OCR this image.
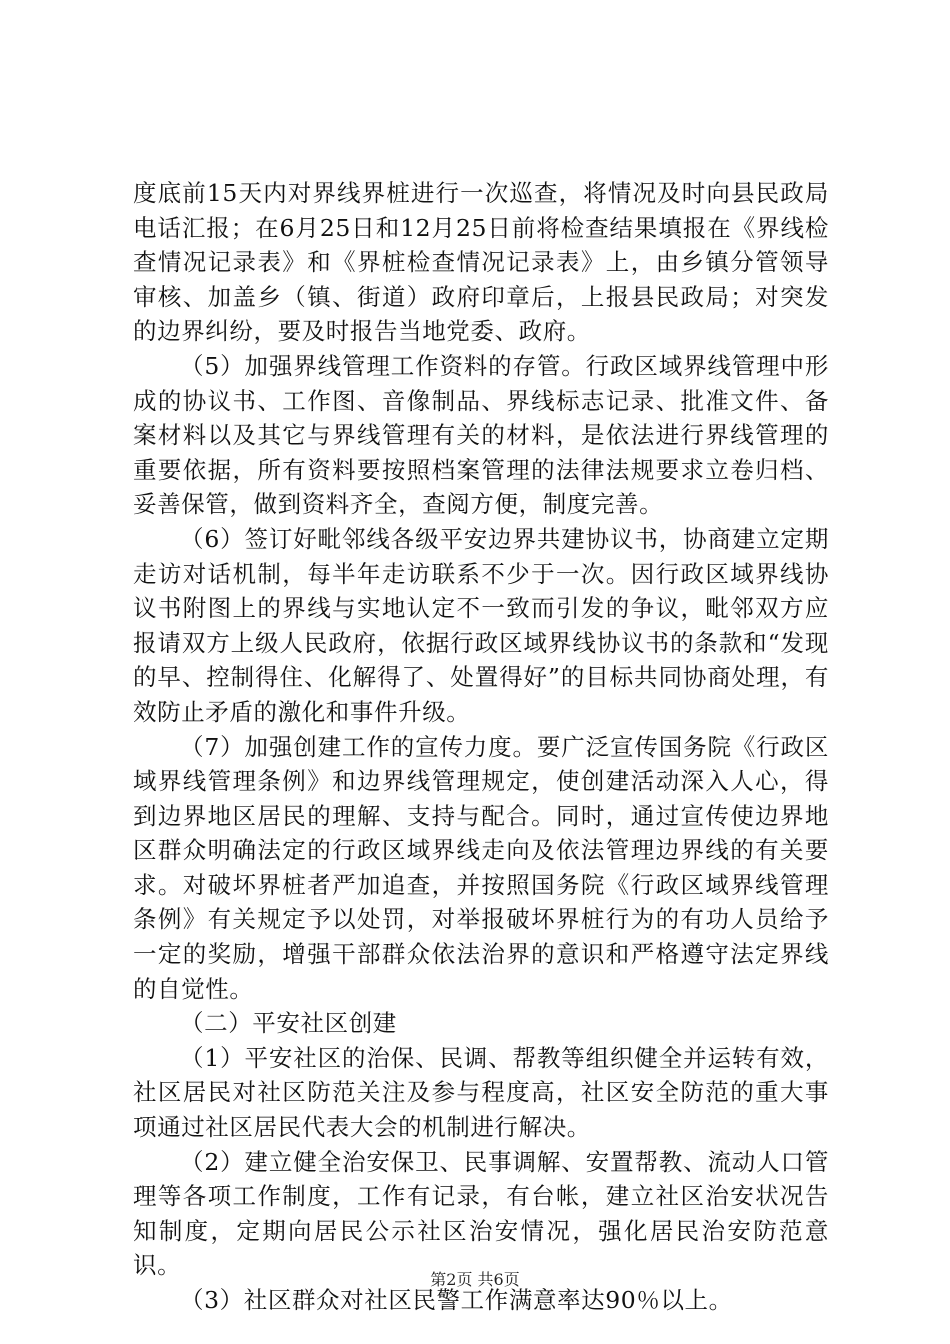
度底前15天内对界线界桩进行一次巡查，将情况及时向县民政局电话汇报；在6月25日和12月25日前将检查结果填报在《界线检查情况记录表》和《界桩检查情况记录表》上，由乡镇分管领导审核、加盖乡（镇、街道）政府印章后，上报县民政局；对突发的边界纠纷，要及时报告当地党委、政府。

（5）加强界线管理工作资料的存管。行政区域界线管理中形成的协议书、工作图、音像制品、界线标志记录、批准文件、备案材料以及其它与界线管理有关的材料，是依法进行界线管理的重要依据，所有资料要按照档案管理的法律法规要求立卷归档、妥善保管，做到资料齐全，查阅方便，制度完善。

（6）签订好毗邻线各级平安边界共建协议书，协商建立定期走访对话机制，每半年走访联系不少于一次。因行政区域界线协议书附图上的界线与实地认定不一致而引发的争议，毗邻双方应报请双方上级人民政府，依据行政区域界线协议书的条款和“发现的早、控制得住、化解得了、处置得好”的目标共同协商处理，有效防止矛盾的激化和事件升级。

（7）加强创建工作的宣传力度。要广泛宣传国务院《行政区域界线管理条例》和边界线管理规定，使创建活动深入人心，得到边界地区居民的理解、支持与配合。同时，通过宣传使边界地区群众明确法定的行政区域界线走向及依法管理边界线的有关要求。对破坏界桩者严加追查，并按照国务院《行政区域界线管理条例》有关规定予以处罚，对举报破坏界桩行为的有功人员给予一定的奖励，增强干部群众依法治界的意识和严格遵守法定界线的自觉性。

（二）平安社区创建

（1）平安社区的治保、民调、帮教等组织健全并运转有效，社区居民对社区防范关注及参与程度高，社区安全防范的重大事项通过社区居民代表大会的机制进行解决。

（2）建立健全治安保卫、民事调解、安置帮教、流动人口管理等各项工作制度，工作有记录，有台帐，建立社区治安状况告知制度，定期向居民公示社区治安情况，强化居民治安防范意识。

（3）社区群众对社区民警工作满意率达90％以上。

第2页 共6页
